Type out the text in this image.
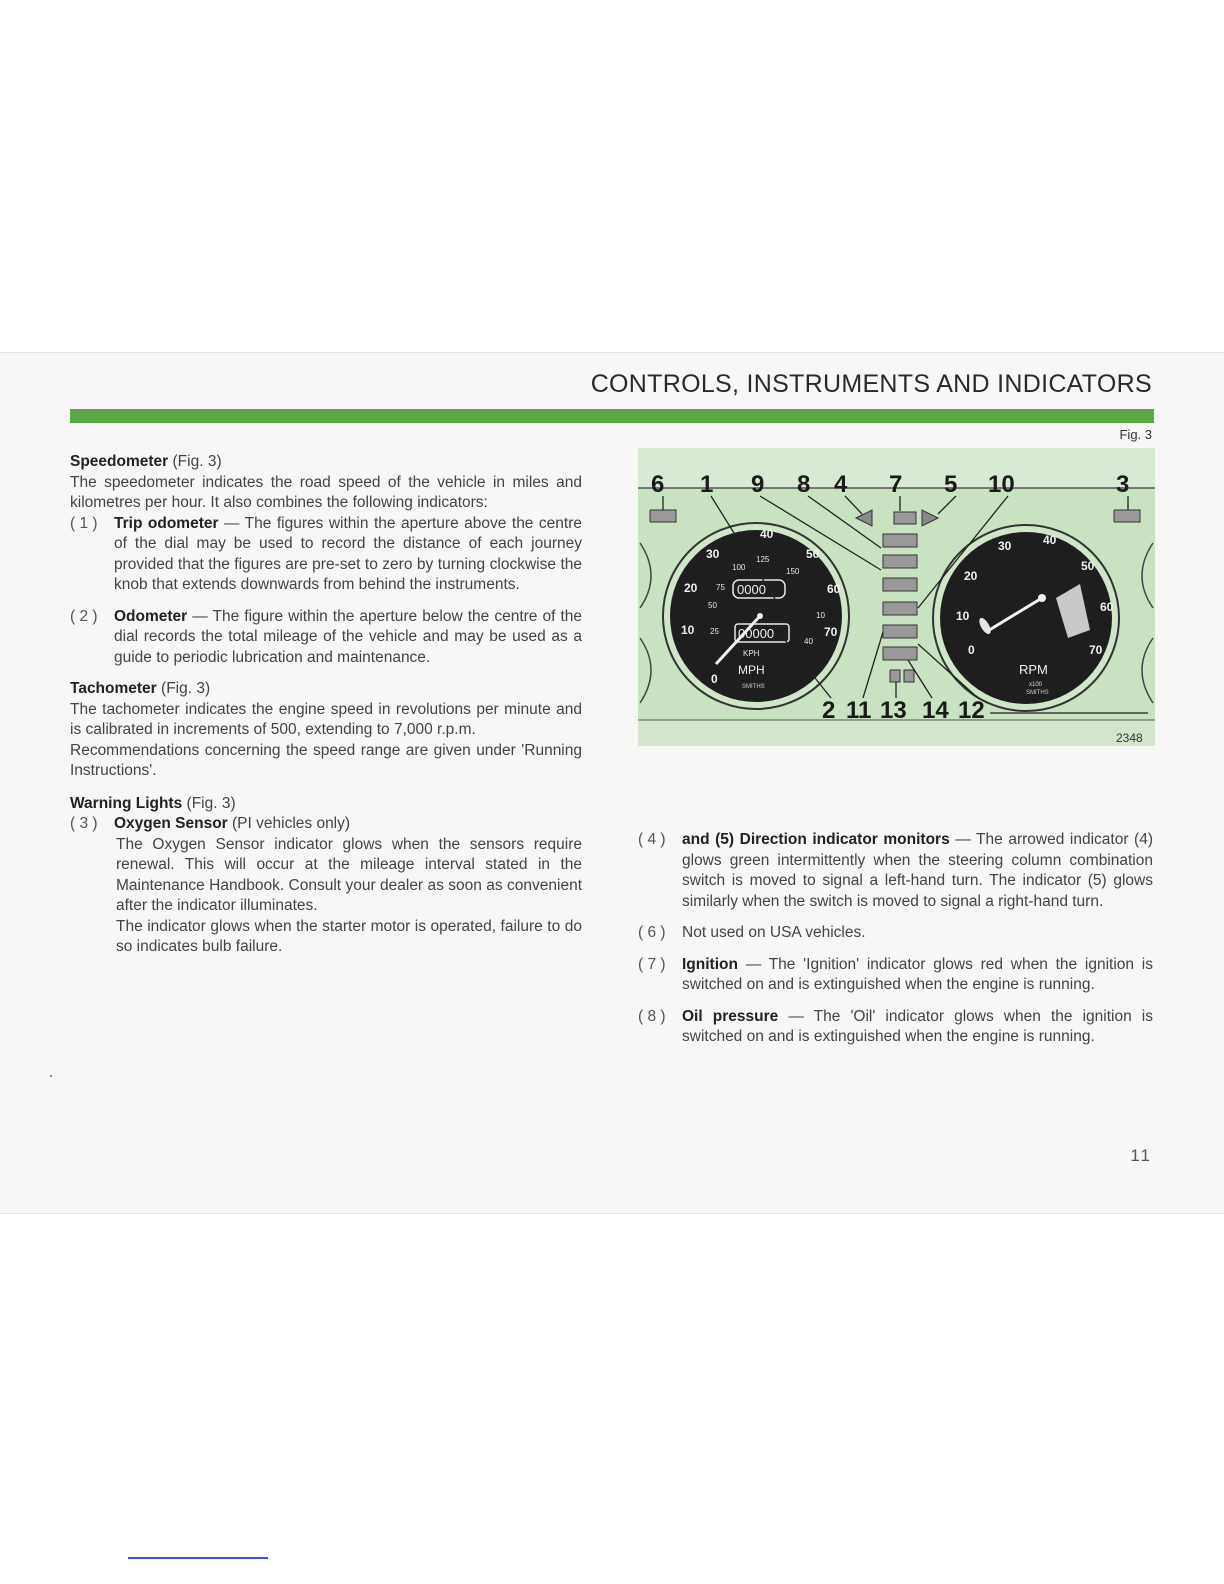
CONTROLS, INSTRUMENTS AND INDICATORS

Speedometer (Fig. 3)

The speedometer indicates the road speed of the vehicle in miles and kilometres per hour. It also combines the following indicators:

( 1 )	Trip odometer — The figures within the aperture above the centre of the dial may be used to record the distance of each journey provided that the figures are pre-set to zero by turning clockwise the knob that extends downwards from behind the instruments.
( 2 )	Odometer — The figure within the aperture below the centre of the dial records the total mileage of the vehicle and may be used as a guide to periodic lubrication and maintenance.

Tachometer (Fig. 3)

The tachometer indicates the engine speed in revolutions per minute and is calibrated in increments of 500, extending to 7,000 r.p.m.

Recommendations concerning the speed range are given under 'Running Instructions'.

Warning Lights (Fig. 3)

( 3 )	Oxygen Sensor (PI vehicles only)

The Oxygen Sensor indicator glows when the sensors require renewal. This will occur at the mileage interval stated in the Maintenance Handbook. Consult your dealer as soon as convenient after the indicator illuminates.

The indicator glows when the starter motor is operated, failure to do so indicates bulb failure.

Fig. 3
0
10
20
30
40
50
60
70
25
50
75
100
125
150
10
40
0000
00000
KPH
MPH
SMITHS
0
10
20
30	40
50
60
70
RPM
x100
SMITHS
6 1 9 8 4 7 5 10	3
2 11 13 14 12
2348
( 4 )	and (5) Direction indicator monitors — The arrowed indicator (4) glows green intermittently when the steering column combination switch is moved to signal a left-hand turn. The indicator (5) glows similarly when the switch is moved to signal a right-hand turn.
( 6 )	Not used on USA vehicles.
( 7 )	Ignition — The 'Ignition' indicator glows red when the ignition is switched on and is extinguished when the engine is running.
( 8 )	Oil pressure — The 'Oil' indicator glows when the ignition is switched on and is extinguished when the engine is running.
11
